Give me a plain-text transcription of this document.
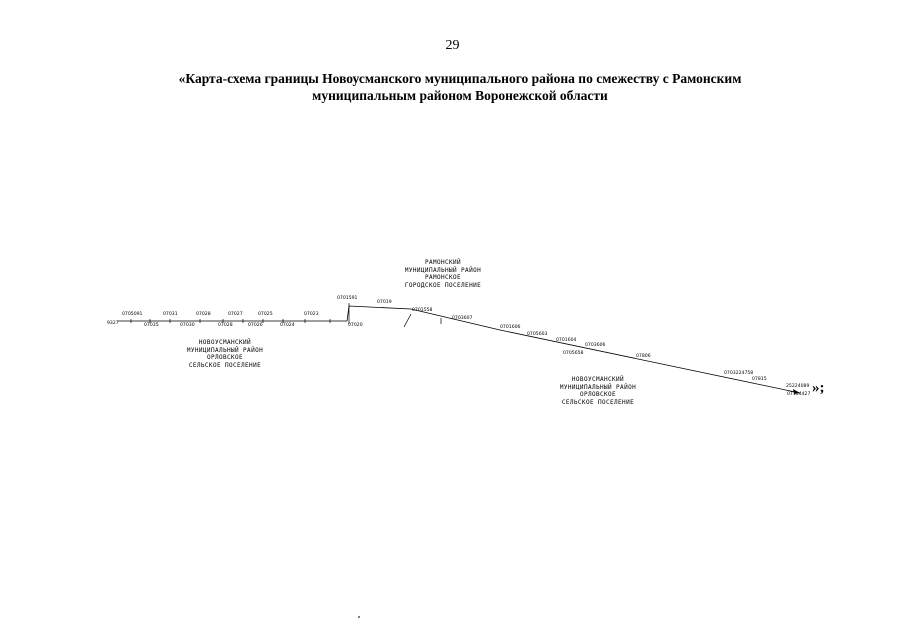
29
«Карта-схема границы Новоусманского муниципального района по смежеству с Рамонским
муниципальным районом Воронежской области
РАМОНСКИЙ
МУНИЦИПАЛЬНЫЙ РАЙОН
РАМОНСКОЕ
ГОРОДСКОЕ ПОСЕЛЕНИЕ
НОВОУСМАНСКИЙ
МУНИЦИПАЛЬНЫЙ РАЙОН
ОРЛОВСКОЕ
СЕЛЬСКОЕ ПОСЕЛЕНИЕ
НОВОУСМАНСКИЙ
МУНИЦИПАЛЬНЫЙ РАЙОН
ОРЛОВСКОЕ
СЕЛЬСКОЕ ПОСЕЛЕНИЕ
9327
0705091
07035
07031
07030
07028
07028
07027
07026
07025
07024
07023
07020
0701591
07019
0701558
0703607
0701606
0705603
0701604
0703606
0705658
07806
0703224758
07815
25224089
07104427 »;
